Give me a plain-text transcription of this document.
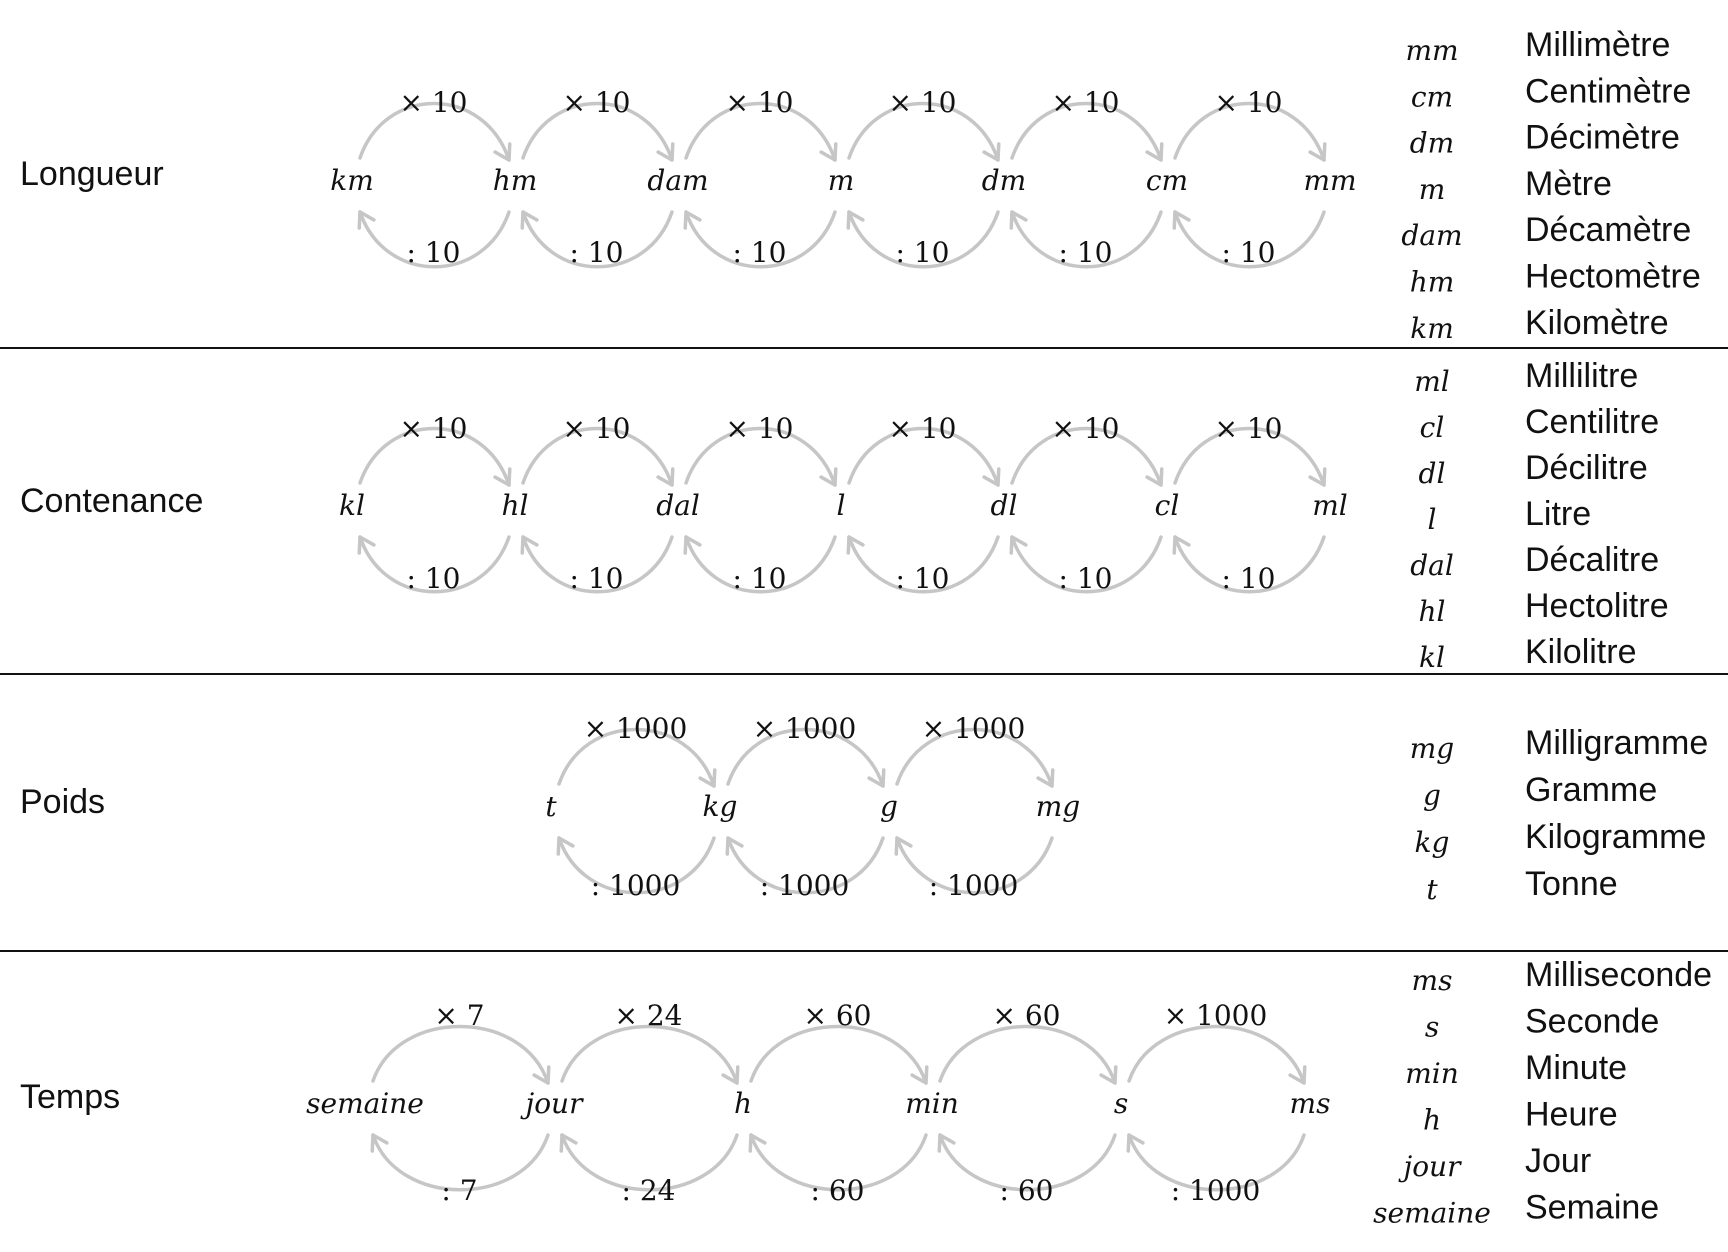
Longueur	km	hm	dam	m	dm	cm	mm
× 10
: 10
× 10
: 10
× 10
: 10
× 10
: 10
× 10
: 10
× 10
: 10
mm Millimètre
cm Centimètre
dm Décimètre
m Mètre
dam Décamètre
hm Hectomètre
km Kilomètre
Contenance	kl	hl	dal	l	dl	cl	ml
× 10
: 10
× 10
: 10
× 10
: 10
× 10
: 10
× 10
: 10
× 10
: 10
ml Millilitre
cl Centilitre
dl Décilitre
l	Litre
dal Décalitre
hl Hectolitre
kl Kilolitre
Poids	t	kg	g	mg
× 1000
: 1000
× 1000
: 1000
× 1000
: 1000
mg Milligramme
g Gramme
kg Kilogramme
t	Tonne
Temps	semaine	jour	h	min	s	ms
× 7
: 7
× 24
: 24
× 60
: 60
× 60
: 60
× 1000
: 1000
ms Milliseconde
s	Seconde
min Minute
h Heure
jour Jour
semaine Semaine
